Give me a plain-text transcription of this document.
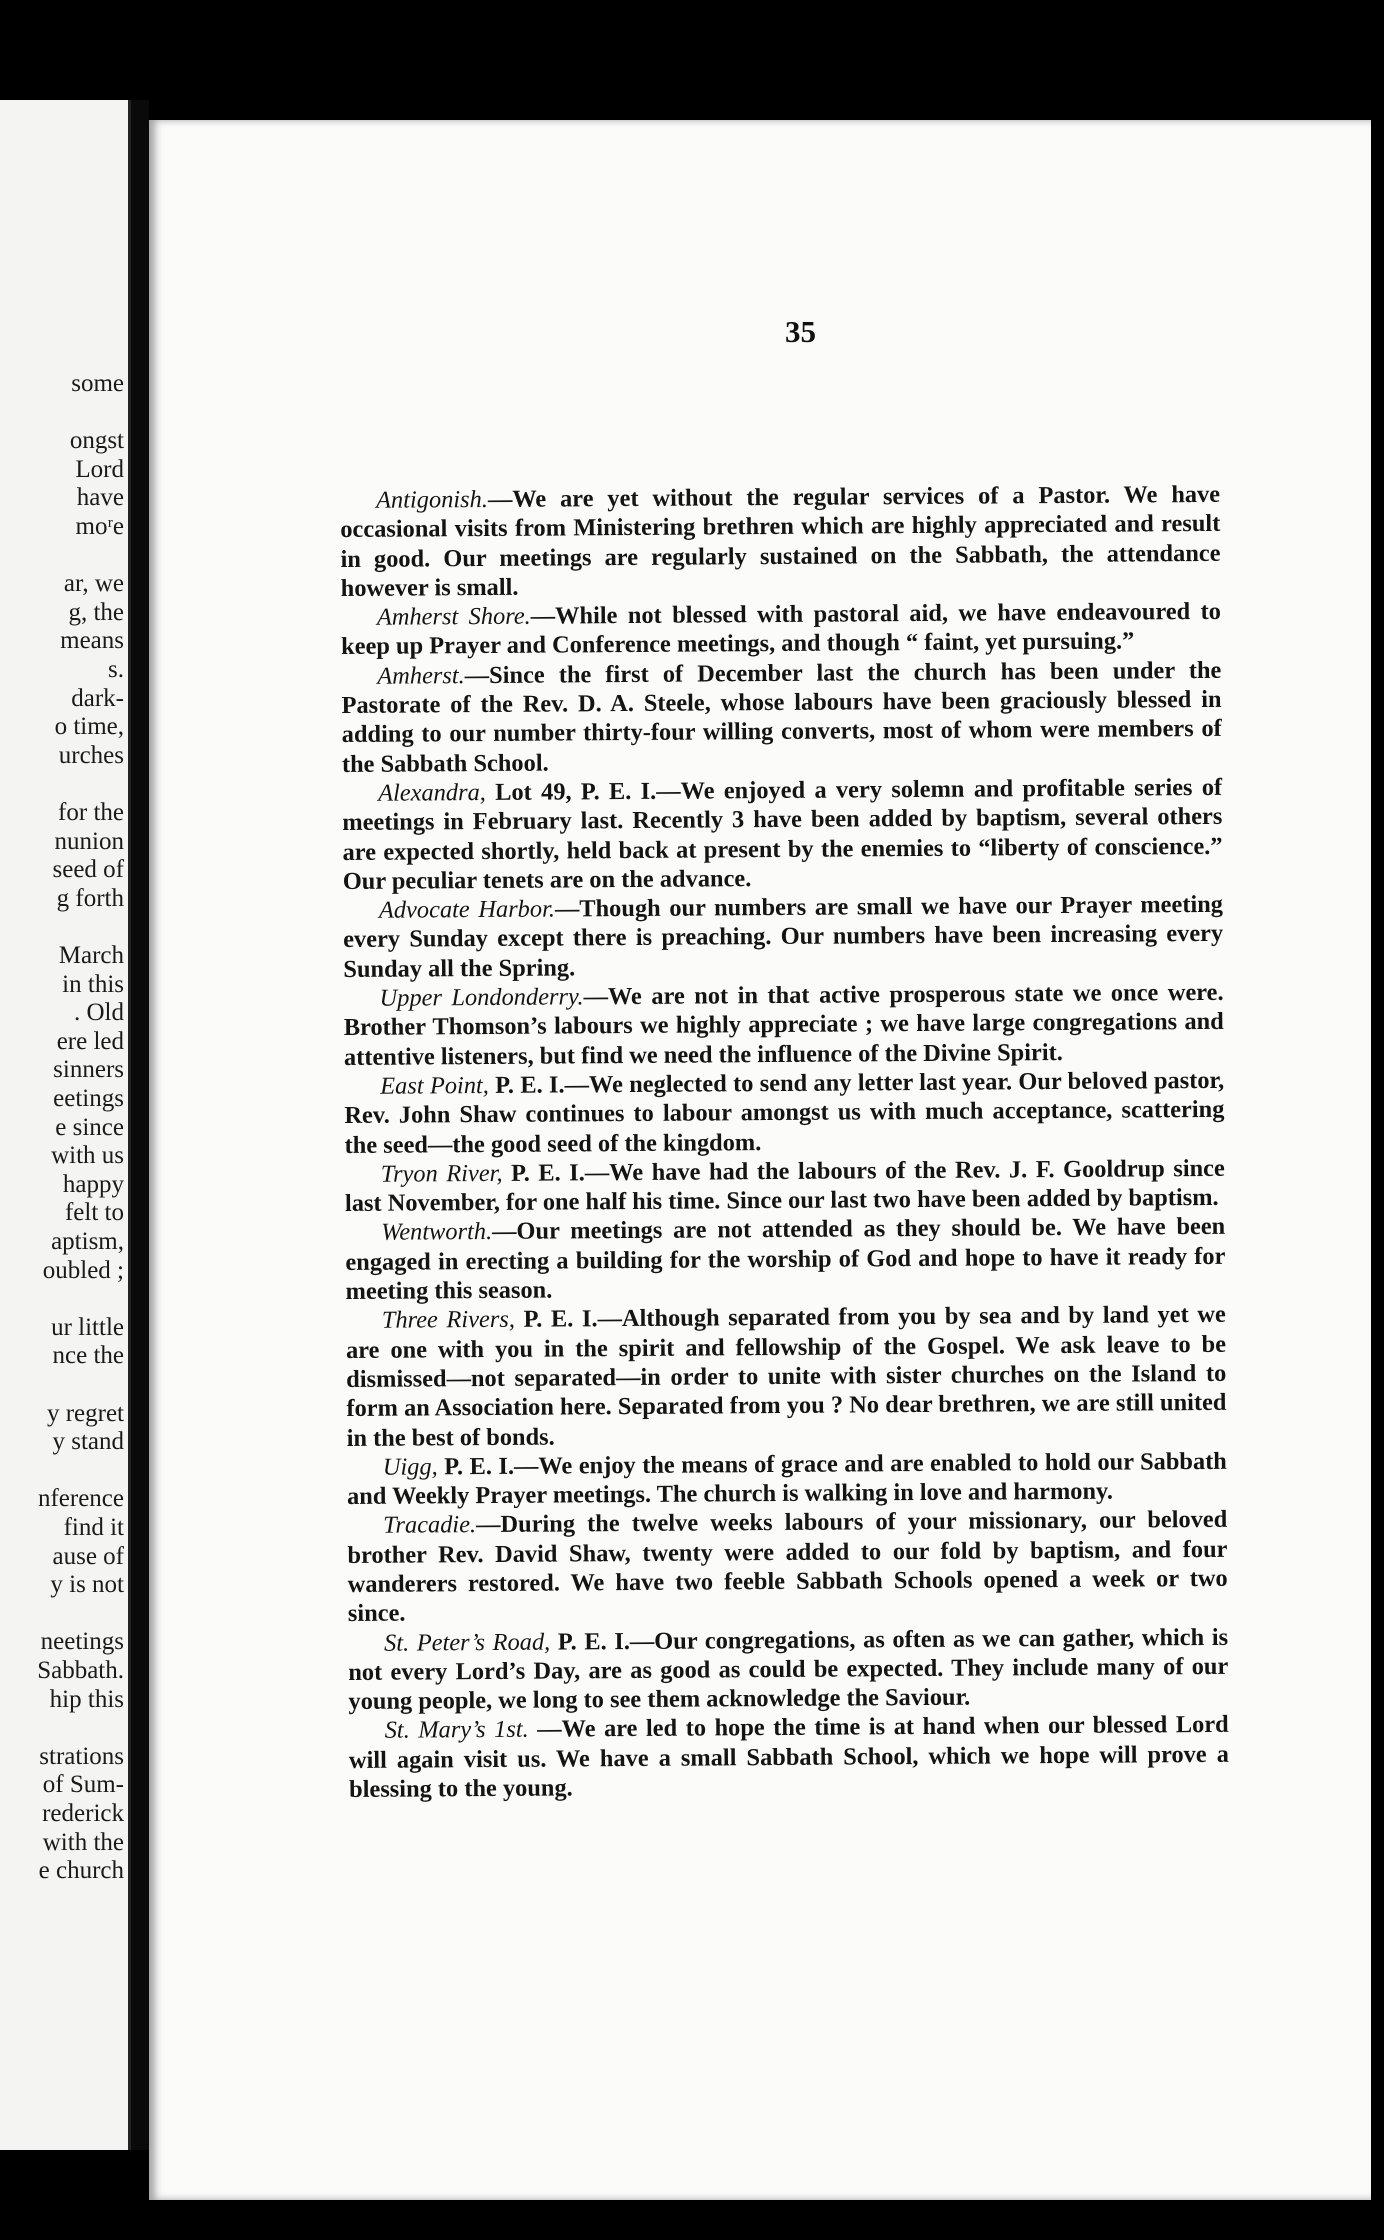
some
ongst
Lord
have
moʳe
ar, we
g, the
means
s.
dark-
o time,
urches
for the
nunion
seed of
g forth
March
in this
. Old
ere led
sinners
eetings
e since
with us
happy
felt to
aptism,
oubled ;
ur little
nce the
y regret
y stand
nference
find it
ause of
y is not
neetings
Sabbath.
hip this
strations
of Sum-
rederick
with the
e church
35

Antigonish.—We are yet without the regular services of a Pastor. We have occasional visits from Ministering brethren which are highly appreciated and result in good. Our meetings are regularly sustained on the Sabbath, the attendance however is small.

Amherst Shore.—While not blessed with pastoral aid, we have endeavoured to keep up Prayer and Conference meetings, and though “ faint, yet pursuing.”

Amherst.—Since the first of December last the church has been under the Pastorate of the Rev. D. A. Steele, whose labours have been graciously blessed in adding to our number thirty-four willing converts, most of whom were members of the Sabbath School.

Alexandra, Lot 49, P. E. I.—We enjoyed a very solemn and profitable series of meetings in February last. Recently 3 have been added by baptism, several others are expected shortly, held back at present by the enemies to “liberty of conscience.” Our peculiar tenets are on the advance.

Advocate Harbor.—Though our numbers are small we have our Prayer meeting every Sunday except there is preaching. Our numbers have been increasing every Sunday all the Spring.

Upper Londonderry.—We are not in that active prosperous state we once were. Brother Thomson’s labours we highly appreciate ; we have large congregations and attentive listeners, but find we need the influence of the Divine Spirit.

East Point, P. E. I.—We neglected to send any letter last year. Our beloved pastor, Rev. John Shaw continues to labour amongst us with much acceptance, scattering the seed—the good seed of the kingdom.

Tryon River, P. E. I.—We have had the labours of the Rev. J. F. Gooldrup since last November, for one half his time. Since our last two have been added by baptism.

Wentworth.—Our meetings are not attended as they should be. We have been engaged in erecting a building for the worship of God and hope to have it ready for meeting this season.

Three Rivers, P. E. I.—Although separated from you by sea and by land yet we are one with you in the spirit and fellowship of the Gospel. We ask leave to be dismissed—not separated—in order to unite with sister churches on the Island to form an Association here. Separated from you ? No dear brethren, we are still united in the best of bonds.

Uigg, P. E. I.—We enjoy the means of grace and are enabled to hold our Sabbath and Weekly Prayer meetings. The church is walking in love and harmony.

Tracadie.—During the twelve weeks labours of your missionary, our beloved brother Rev. David Shaw, twenty were added to our fold by baptism, and four wanderers restored. We have two feeble Sabbath Schools opened a week or two since.

St. Peter’s Road, P. E. I.—Our congregations, as often as we can gather, which is not every Lord’s Day, are as good as could be expected. They include many of our young people, we long to see them acknowledge the Saviour.

St. Mary’s 1st. —We are led to hope the time is at hand when our blessed Lord will again visit us. We have a small Sabbath School, which we hope will prove a blessing to the young.
